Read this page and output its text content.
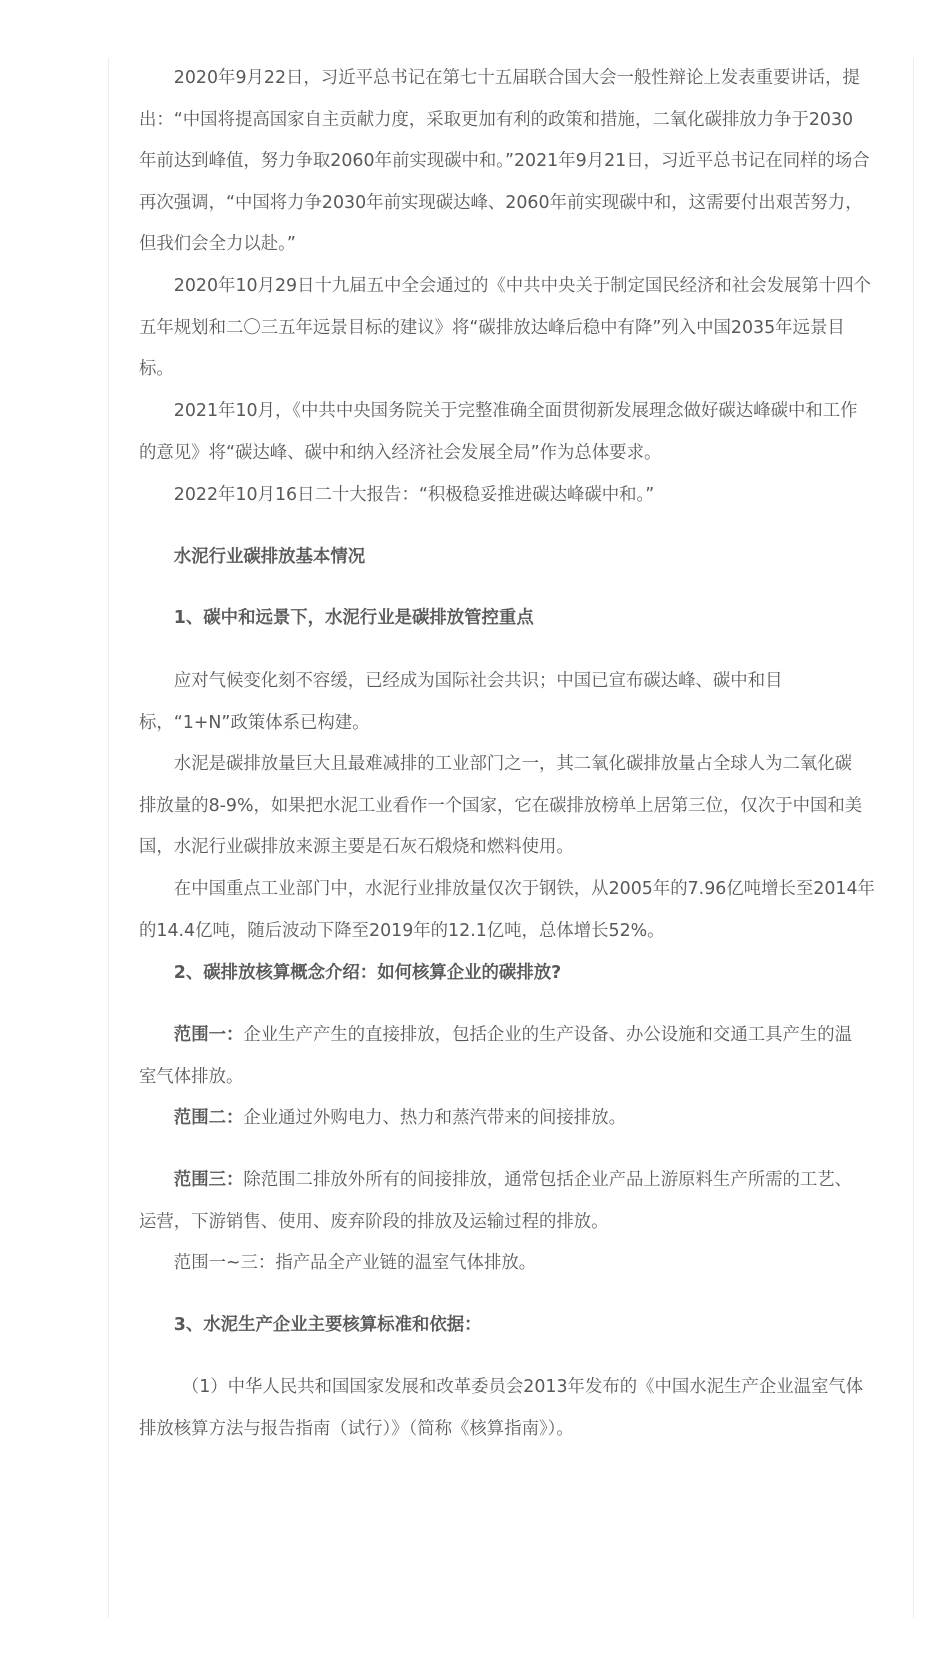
2020年9月22日，习近平总书记在第七十五届联合国大会一般性辩论上发表重要讲话，提
出：“中国将提高国家自主贡献力度，采取更加有利的政策和措施，二氧化碳排放力争于2030
年前达到峰值，努力争取2060年前实现碳中和。”2021年9月21日，习近平总书记在同样的场合
再次强调，“中国将力争2030年前实现碳达峰、2060年前实现碳中和，这需要付出艰苦努力，
但我们会全力以赴。”

2020年10月29日十九届五中全会通过的《中共中央关于制定国民经济和社会发展第十四个
五年规划和二〇三五年远景目标的建议》将“碳排放达峰后稳中有降”列入中国2035年远景目
标。

2021年10月，《中共中央国务院关于完整准确全面贯彻新发展理念做好碳达峰碳中和工作
的意见》将“碳达峰、碳中和纳入经济社会发展全局”作为总体要求。

2022年10月16日二十大报告：“积极稳妥推进碳达峰碳中和。”

水泥行业碳排放基本情况

1、碳中和远景下，水泥行业是碳排放管控重点

应对气候变化刻不容缓，已经成为国际社会共识；中国已宣布碳达峰、碳中和目
标，“1+N”政策体系已构建。

水泥是碳排放量巨大且最难减排的工业部门之一，其二氧化碳排放量占全球人为二氧化碳
排放量的8-9%，如果把水泥工业看作一个国家，它在碳排放榜单上居第三位，仅次于中国和美
国，水泥行业碳排放来源主要是石灰石煅烧和燃料使用。

在中国重点工业部门中，水泥行业排放量仅次于钢铁，从2005年的7.96亿吨增长至2014年
的14.4亿吨，随后波动下降至2019年的12.1亿吨，总体增长52%。

2、碳排放核算概念介绍：如何核算企业的碳排放?

范围一：企业生产产生的直接排放，包括企业的生产设备、办公设施和交通工具产生的温
室气体排放。

范围二：企业通过外购电力、热力和蒸汽带来的间接排放。

范围三：除范围二排放外所有的间接排放，通常包括企业产品上游原料生产所需的工艺、
运营，下游销售、使用、废弃阶段的排放及运输过程的排放。

范围一~三：指产品全产业链的温室气体排放。

3、水泥生产企业主要核算标准和依据：

（1）中华人民共和国国家发展和改革委员会2013年发布的《中国水泥生产企业温室气体
排放核算方法与报告指南（试行）》（简称《核算指南》）。
